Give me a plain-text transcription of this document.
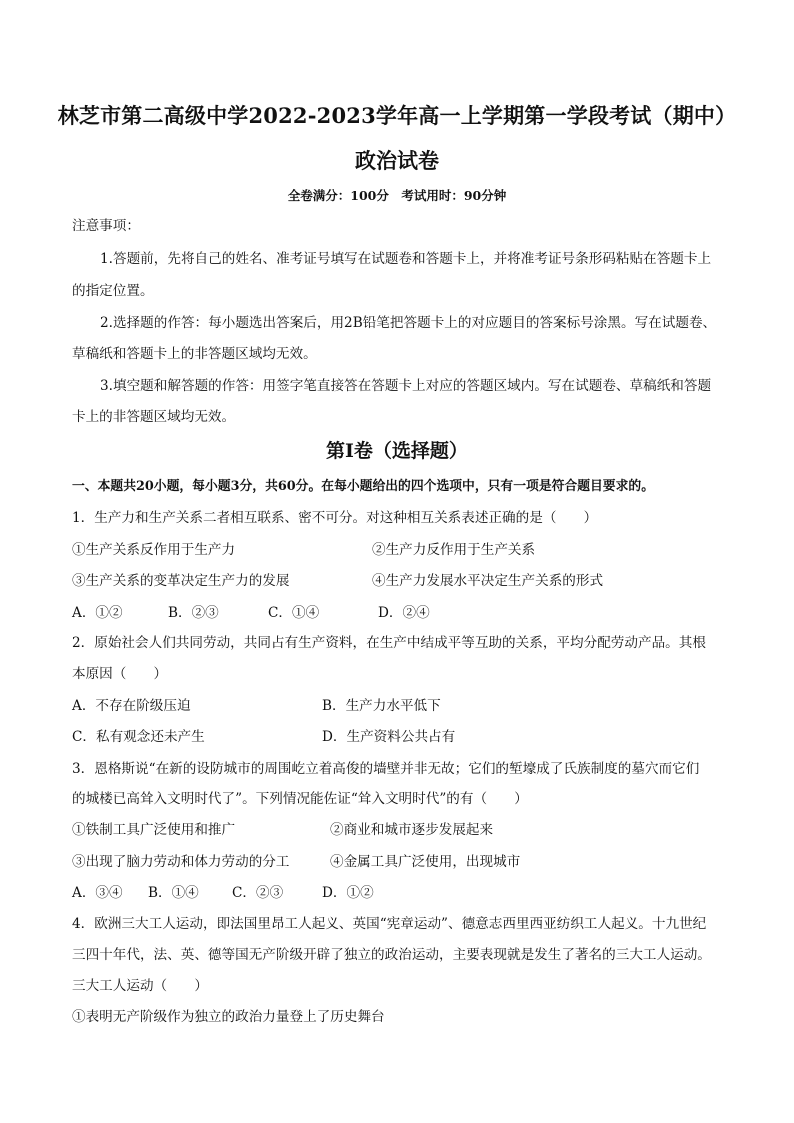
林芝市第二高级中学2022-2023学年高一上学期第一学段考试（期中）
政治试卷
全卷满分：100分　考试用时：90分钟
注意事项：
1.答题前，先将自己的姓名、准考证号填写在试题卷和答题卡上，并将准考证号条形码粘贴在答题卡上
的指定位置。
2.选择题的作答：每小题选出答案后，用2B铅笔把答题卡上的对应题目的答案标号涂黑。写在试题卷、
草稿纸和答题卡上的非答题区域均无效。
3.填空题和解答题的作答：用签字笔直接答在答题卡上对应的答题区域内。写在试题卷、草稿纸和答题
卡上的非答题区域均无效。
第Ⅰ卷（选择题）
一、本题共20小题，每小题3分，共60分。在每小题给出的四个选项中，只有一项是符合题目要求的。
1．生产力和生产关系二者相互联系、密不可分。对这种相互关系表述正确的是（　　）
①生产关系反作用于生产力	②生产力反作用于生产关系
③生产关系的变革决定生产力的发展	④生产力发展水平决定生产关系的形式
A．①②	B．②③	C．①④	D．②④
2．原始社会人们共同劳动，共同占有生产资料，在生产中结成平等互助的关系，平均分配劳动产品。其根
本原因（　　）
A．不存在阶级压迫	B．生产力水平低下
C．私有观念还未产生	D．生产资料公共占有
3．恩格斯说“在新的设防城市的周围屹立着高俊的墙壁并非无故；它们的堑壕成了氏族制度的墓穴而它们
的城楼已高耸入文明时代了”。下列情况能佐证“耸入文明时代”的有（　　）
①铁制工具广泛使用和推广	②商业和城市逐步发展起来
③出现了脑力劳动和体力劳动的分工	④金属工具广泛使用，出现城市
A．③④ B．①④ C．②③	D．①②
4．欧洲三大工人运动，即法国里昂工人起义、英国“宪章运动”、德意志西里西亚纺织工人起义。十九世纪
三四十年代，法、英、德等国无产阶级开辟了独立的政治运动，主要表现就是发生了著名的三大工人运动。
三大工人运动（　　）
①表明无产阶级作为独立的政治力量登上了历史舞台
